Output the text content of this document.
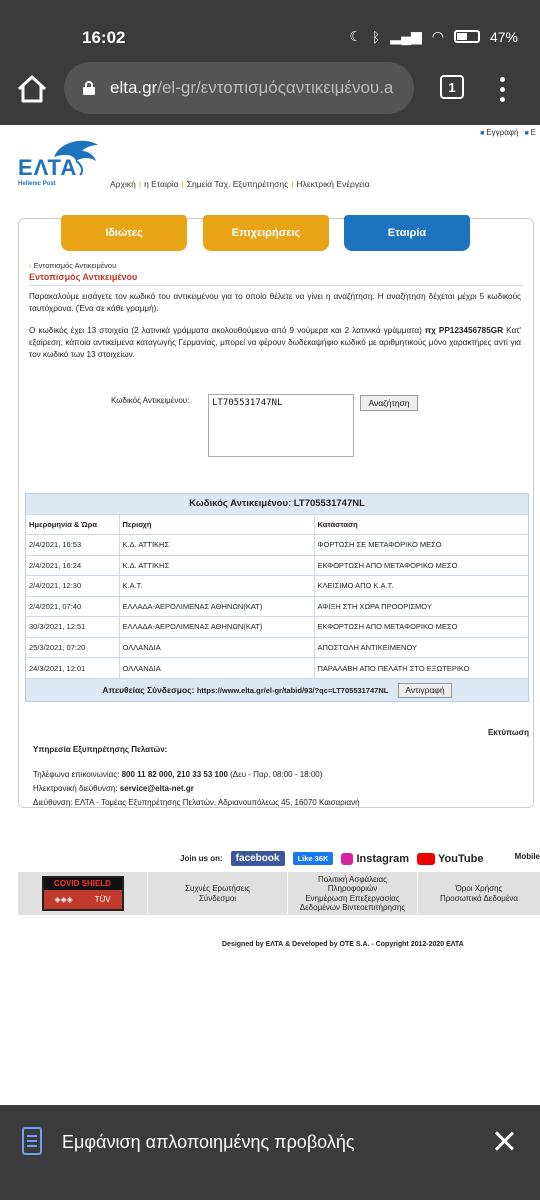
16:02	☾ ᛒ ▂▄▆ ◠	47%
elta.gr /el-gr/εντοπισμόςαντικειμένου.a	1
■ Εγγραφή	■ E
ΕΛΤΑ
Hellenic Post	Αρχική | η Εταιρία | Σημεία Ταχ. Εξυπηρέτησης | Ηλεκτρική Ενέργεια
Ιδιώτες	Επιχειρήσεις	Εταιρία
› Εντοπισμός Αντικειμένου
Εντοπισμός Αντικειμένου
Παρακαλούμε εισάγετε τον κωδικό του αντικειμένου για το οποίο θέλετε να γίνει η αναζήτηση. Η αναζήτηση δέχεται μέχρι 5 κωδικούς ταυτόχρονα. (Ένα σε κάθε γραμμή).
Ο κωδικός έχει 13 στοιχεία (2 λατινικά γράμματα ακολουθούμενα από 9 νούμερα και 2 λατινικά γράμματα) πχ PP123456785GR Κατ' εξαίρεση, κάποια αντικείμενα καταγωγής Γερμανίας, μπορεί να φέρουν δωδεκαψήφιο κωδικό με αριθμητικούς μόνο χαρακτήρες αντί για τον κωδικό των 13 στοιχείων.
Κωδικός Αντικειμένου:	LT705531747NL	Αναζήτηση
Κωδικός Αντικειμένου: LT705531747NL
Ημερομηνία & Ώρα	Περιοχή	Κατάσταση
2/4/2021, 16:53	Κ.Δ. ΑΤΤΙΚΗΣ	ΦΟΡΤΩΣΗ ΣΕ ΜΕΤΑΦΟΡΙΚΟ ΜΕΣΟ
2/4/2021, 16:24	Κ.Δ. ΑΤΤΙΚΗΣ	ΕΚΦΟΡΤΩΣΗ ΑΠΟ ΜΕΤΑΦΟΡΙΚΟ ΜΕΣΟ
2/4/2021, 12:30	Κ.Α.Τ.	ΚΛΕΙΣΙΜΟ ΑΠΟ Κ.Α.Τ.
2/4/2021, 07:40	ΕΛΛΑΔΑ-ΑΕΡΟΛΙΜΕΝΑΣ ΑΘΗΝΩΝ(ΚΑΤ)	ΑΦΙΞΗ ΣΤΗ ΧΩΡΑ ΠΡΟΟΡΙΣΜΟΥ
30/3/2021, 12:51	ΕΛΛΑΔΑ-ΑΕΡΟΛΙΜΕΝΑΣ ΑΘΗΝΩΝ(ΚΑΤ)	ΕΚΦΟΡΤΩΣΗ ΑΠΟ ΜΕΤΑΦΟΡΙΚΟ ΜΕΣΟ
25/3/2021, 07:20	ΟΛΛΑΝΔΙΑ	ΑΠΟΣΤΟΛΗ ΑΝΤΙΚΕΙΜΕΝΟΥ
24/3/2021, 12:01	ΟΛΛΑΝΔΙΑ	ΠΑΡΑΛΑΒΗ ΑΠΟ ΠΕΛΑΤΗ ΣΤΟ ΕΞΩΤΕΡΙΚΟ
Απευθείας Σύνδεσμος: https://www.elta.gr/el-gr/tabid/93/?qc=LT705531747NL	Αντιγραφή
Εκτύπωση
Υπηρεσία Εξυπηρέτησης Πελατών:
Τηλέφωνα επικοινωνίας: 800 11 82 000, 210 33 53 100 (Δευ - Παρ, 08:00 - 18:00)
Ηλεκτρονική διεύθυνση: service@elta-net.gr
Διεύθυνση: ΕΛΤΑ - Τομέας Εξυπηρέτησης Πελατών, Αδριανουπόλεως 45, 16070 Καισαριανή
Join us on:	facebook	Like 36K	Instagram	YouTube	Mobile
COVID SHIELD
◈◈◈	TÜV
Συχνές Ερωτήσεις
Σύνδεσμοι
Πολιτική Ασφάλειας
Πληροφοριών
Ενημέρωση Επεξεργασίας
Δεδομένων Βιντεοεπιτήρησης
Όροι Χρήσης
Προσωπικά Δεδομένα
Designed by ΕΛΤΑ & Developed by OTE S.A. - Copyright 2012-2020 ΕΛΤΑ
Εμφάνιση απλοποιημένης προβολής
